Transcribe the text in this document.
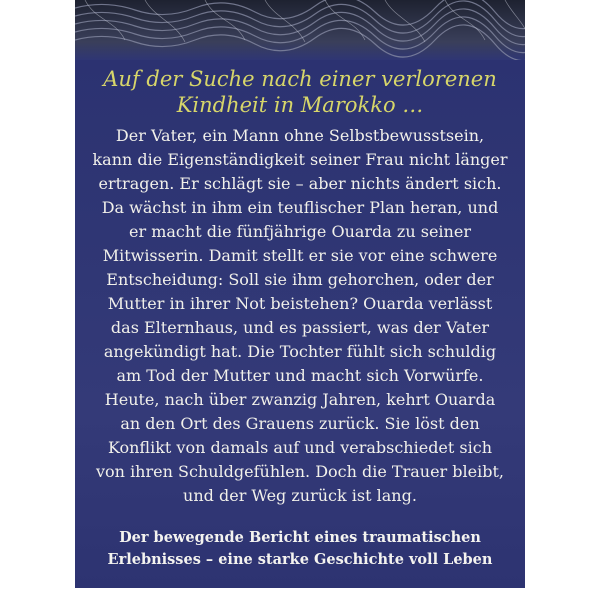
Auf der Suche nach einer verlorenen
Kindheit in Marokko …
Der Vater, ein Mann ohne Selbstbewusstsein,
kann die Eigenständigkeit seiner Frau nicht länger
ertragen. Er schlägt sie – aber nichts ändert sich.
Da wächst in ihm ein teuflischer Plan heran, und
er macht die fünfjährige Ouarda zu seiner
Mitwisserin. Damit stellt er sie vor eine schwere
Entscheidung: Soll sie ihm gehorchen, oder der
Mutter in ihrer Not beistehen? Ouarda verlässt
das Elternhaus, und es passiert, was der Vater
angekündigt hat. Die Tochter fühlt sich schuldig
am Tod der Mutter und macht sich Vorwürfe.
Heute, nach über zwanzig Jahren, kehrt Ouarda
an den Ort des Grauens zurück. Sie löst den
Konflikt von damals auf und verabschiedet sich
von ihren Schuldgefühlen. Doch die Trauer bleibt,
und der Weg zurück ist lang.
Der bewegende Bericht eines traumatischen
Erlebnisses – eine starke Geschichte voll Leben
